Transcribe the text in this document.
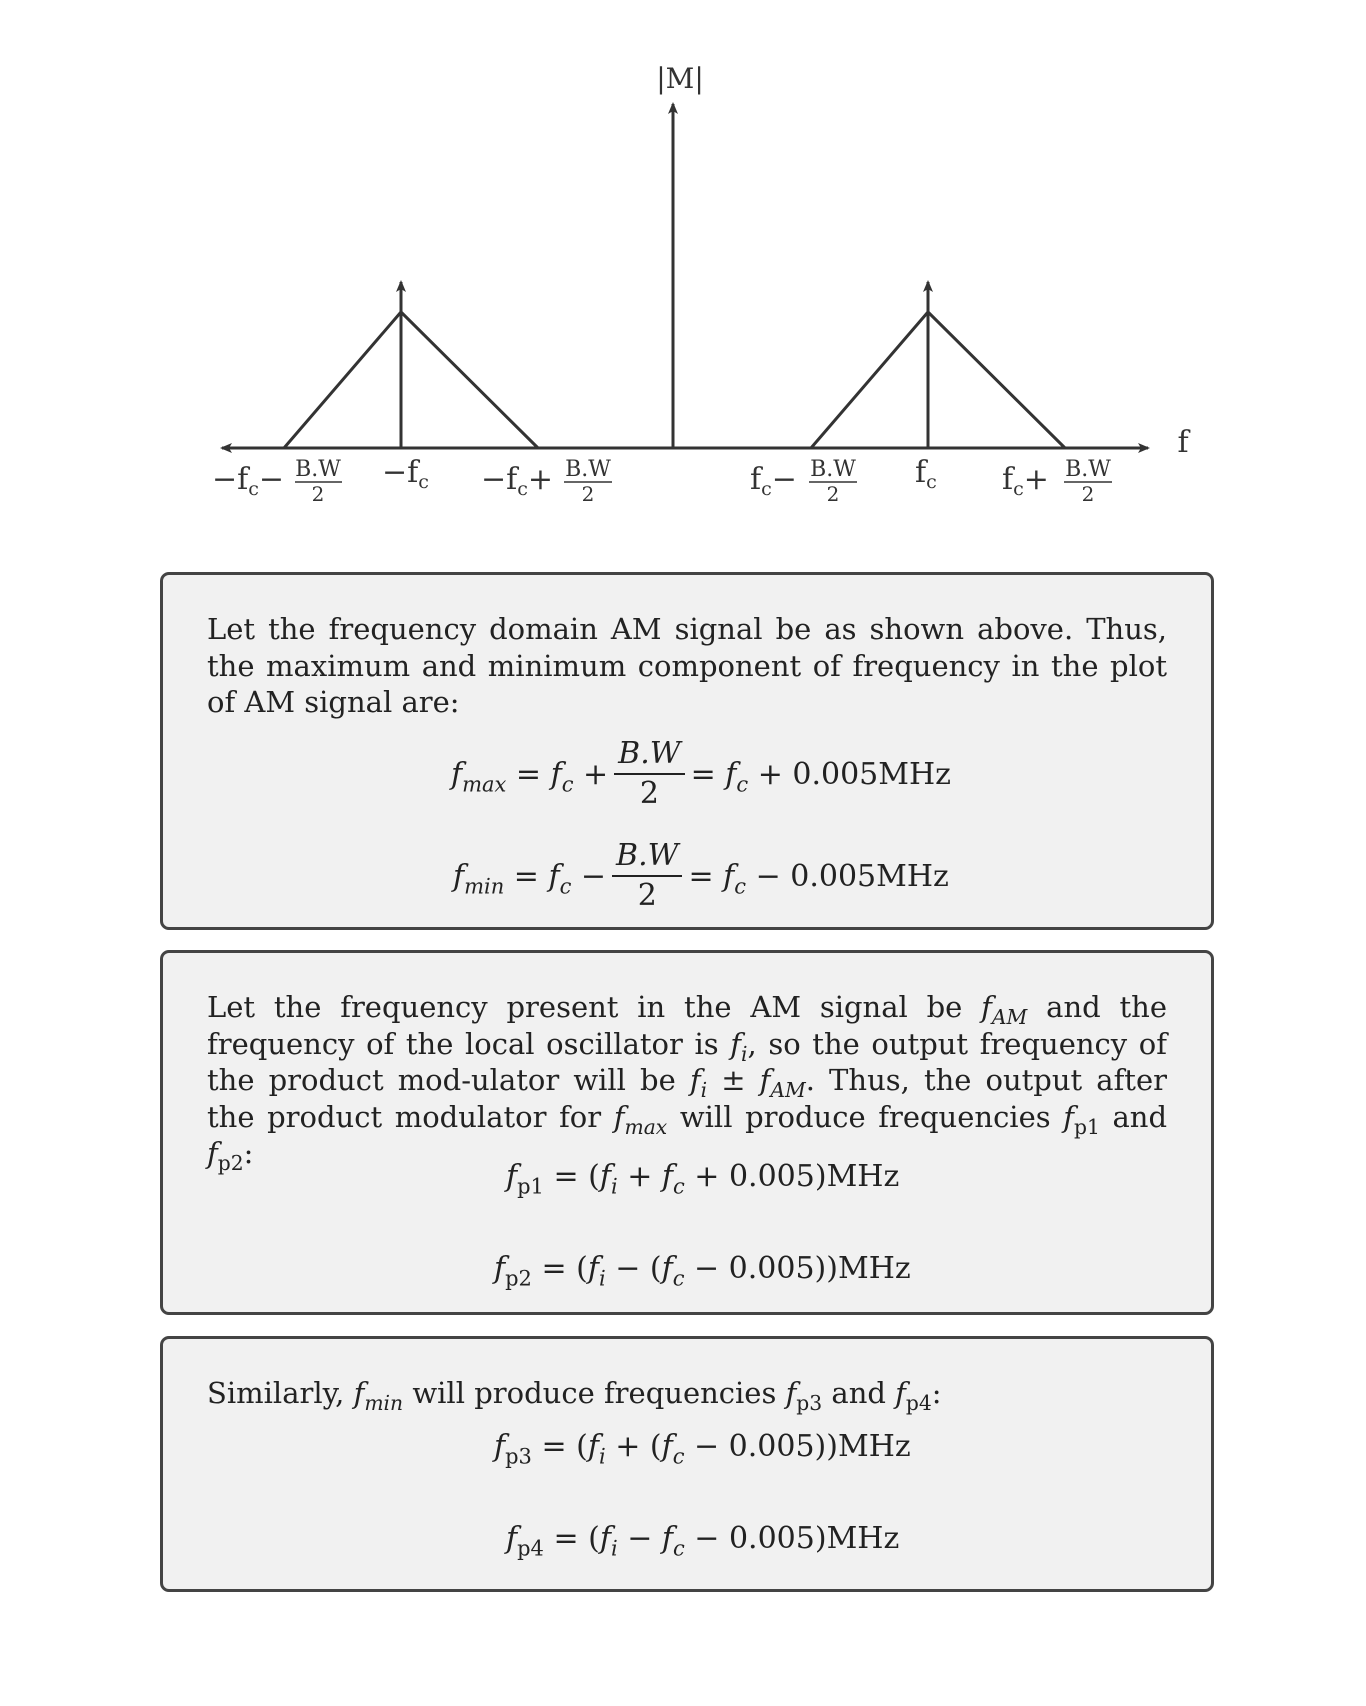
|M|
f
$-f_c- B.W$
2
$-f_c -f_c+ B.W$
2	$f_c- B.W$
2
$f_c$ $f_c+ B.W$
2

Let the frequency domain AM signal be as shown above. Thus, the maximum and minimum component of frequency in the plot of AM signal are:

$f_{max} = f_c + \frac{B.W}{2} = f_c + 0.005MHz$
$f_{min} = f_c - \frac{B.W}{2} = f_c - 0.005MHz$

Let the frequency present in the AM signal be $f_{AM}$ and the frequency of the local oscillator is $f_i$, so the output frequency of the product mod-ulator will be $f_i \pm f_{AM}$. Thus, the output after the product modulator for $f_{max}$ will produce frequencies $f_{p1}$ and $f_{p2}$:

$f_{p1} = (f_i + f_c + 0.005)MHz$
$f_{p2} = (f_i - (f_c - 0.005))MHz$

Similarly, $f_{min}$ will produce frequencies $f_{p3}$ and $f_{p4}$:

$f_{p3} = (f_i + (f_c - 0.005))MHz$
$f_{p4} = (f_i - f_c - 0.005)MHz$
